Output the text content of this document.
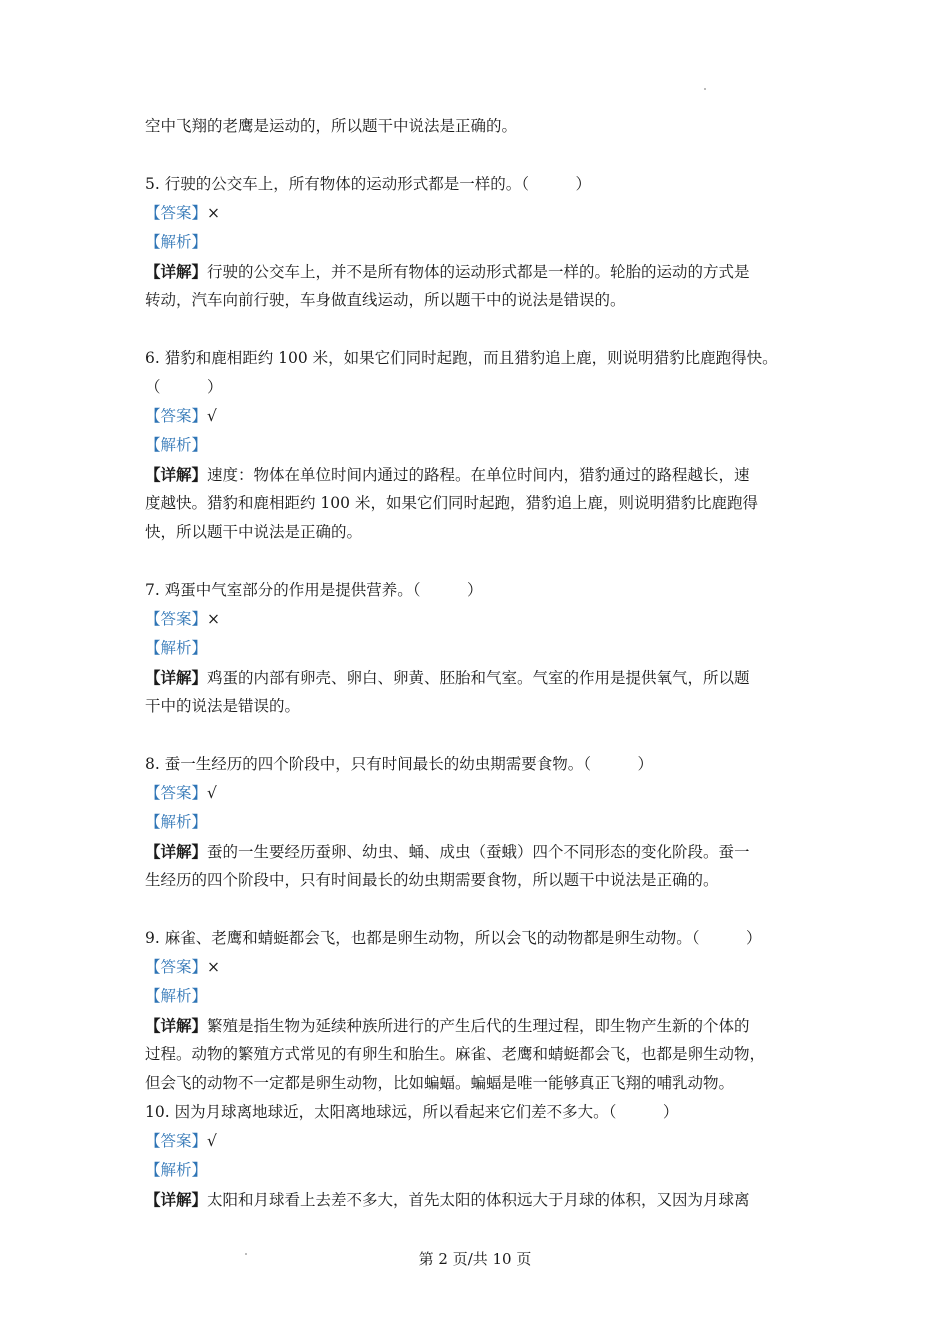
空中飞翔的老鹰是运动的，所以题干中说法是正确的。
5. 行驶的公交车上，所有物体的运动形式都是一样的。（　　　）
【答案】×
【解析】
【详解】行驶的公交车上，并不是所有物体的运动形式都是一样的。轮胎的运动的方式是
转动，汽车向前行驶，车身做直线运动，所以题干中的说法是错误的。
6. 猎豹和鹿相距约 100 米，如果它们同时起跑，而且猎豹追上鹿，则说明猎豹比鹿跑得快。
（　　　）
【答案】√
【解析】
【详解】速度：物体在单位时间内通过的路程。在单位时间内，猎豹通过的路程越长，速
度越快。猎豹和鹿相距约 100 米，如果它们同时起跑，猎豹追上鹿，则说明猎豹比鹿跑得
快，所以题干中说法是正确的。
7. 鸡蛋中气室部分的作用是提供营养。（　　　）
【答案】×
【解析】
【详解】鸡蛋的内部有卵壳、卵白、卵黄、胚胎和气室。气室的作用是提供氧气，所以题
干中的说法是错误的。
8. 蚕一生经历的四个阶段中，只有时间最长的幼虫期需要食物。（　　　）
【答案】√
【解析】
【详解】蚕的一生要经历蚕卵、幼虫、蛹、成虫（蚕蛾）四个不同形态的变化阶段。蚕一
生经历的四个阶段中，只有时间最长的幼虫期需要食物，所以题干中说法是正确的。
9. 麻雀、老鹰和蜻蜓都会飞，也都是卵生动物，所以会飞的动物都是卵生动物。（　　　）
【答案】×
【解析】
【详解】繁殖是指生物为延续种族所进行的产生后代的生理过程，即生物产生新的个体的
过程。动物的繁殖方式常见的有卵生和胎生。麻雀、老鹰和蜻蜓都会飞，也都是卵生动物，
但会飞的动物不一定都是卵生动物，比如蝙蝠。蝙蝠是唯一能够真正飞翔的哺乳动物。
10. 因为月球离地球近，太阳离地球远，所以看起来它们差不多大。（　　　）
【答案】√
【解析】
【详解】太阳和月球看上去差不多大，首先太阳的体积远大于月球的体积，又因为月球离
第 2 页/共 10 页
